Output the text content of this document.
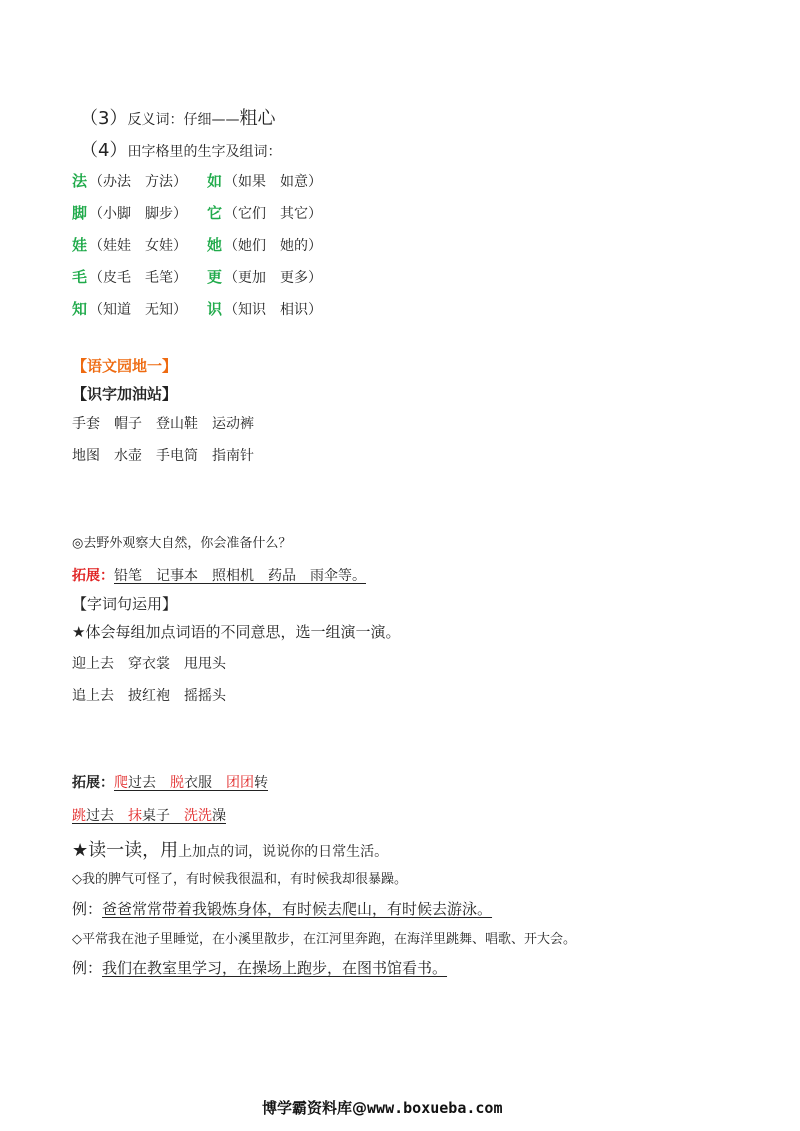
（3） 反义词：仔细 —— 粗心
（4） 田字格里的生字及组词：
法 （办法　方法） 如 （如果　如意）
脚 （小脚　脚步） 它 （它们　其它）
娃 （娃娃　女娃） 她 （她们　她的）
毛 （皮毛　毛笔） 更 （更加　更多）
知 （知道　无知） 识 （知识　相识）
【语文园地一】
【识字加油站】
手套　帽子　登山鞋　运动裤
地图　水壶　手电筒　指南针
◎去野外观察大自然，你会准备什么？
拓展： 铅笔　记事本　照相机　药品　雨伞等。
【字词句运用】
★体会每组加点词语的不同意思，选一组演一演。
迎上去　穿衣裳　甩甩头
追上去　披红袍　摇摇头
拓展： 爬过去　 脱衣服　 团团转
跳过去　 抹桌子　 洗洗澡
★读一读，用 上加点的词，说说你的日常生活。
◇我的脾气可怪了，有时候我很温和，有时候我却很暴躁。
例： 爸爸常常带着我锻炼身体，有时候去爬山，有时候去游泳。
◇平常我在池子里睡觉，在小溪里散步，在江河里奔跑，在海洋里跳舞、唱歌、开大会。
例： 我们在教室里学习，在操场上跑步，在图书馆看书。
博学霸资料库@ www.boxueba.com
